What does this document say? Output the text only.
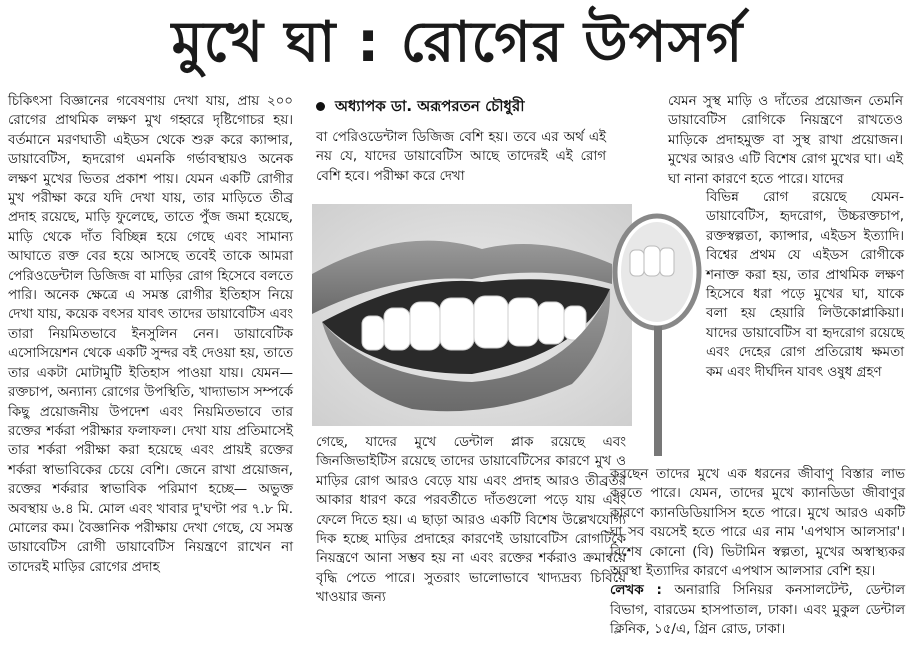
মুখে ঘা : রোগের উপসর্গ

চিকিৎসা বিজ্ঞানের গবেষণায় দেখা যায়, প্রায় ২০০ রোগের প্রাথমিক লক্ষণ মুখ গহ্বরে দৃষ্টিগোচর হয়। বর্তমানে মরণঘাতী এইডস থেকে শুরু করে ক্যান্সার, ডায়াবেটিস, হৃদরোগ এমনকি গর্ভাবস্থায়ও অনেক লক্ষণ মুখের ভিতর প্রকাশ পায়। যেমন একটি রোগীর মুখ পরীক্ষা করে যদি দেখা যায়, তার মাড়িতে তীব্র প্রদাহ রয়েছে, মাড়ি ফুলেছে, তাতে পুঁজ জমা হয়েছে, মাড়ি থেকে দাঁত বিচ্ছিন্ন হয়ে গেছে এবং সামান্য আঘাতে রক্ত বের হয়ে আসছে তবেই তাকে আমরা পেরিওডেন্টাল ডিজিজ বা মাড়ির রোগ হিসেবে বলতে পারি। অনেক ক্ষেত্রে এ সমস্ত রোগীর ইতিহাস নিয়ে দেখা যায়, কয়েক বৎসর যাবৎ তাদের ডায়াবেটিস এবং তারা নিয়মিতভাবে ইনসুলিন নেন। ডায়াবেটিক এসোসিয়েশন থেকে একটি সুন্দর বই দেওয়া হয়, তাতে তার একটা মোটামুটি ইতিহাস পাওয়া যায়। যেমন— রক্তচাপ, অন্যান্য রোগের উপস্থিতি, খাদ্যাভাস সম্পর্কে কিছু প্রয়োজনীয় উপদেশ এবং নিয়মিতভাবে তার রক্তের শর্করা পরীক্ষার ফলাফল। দেখা যায় প্রতিমাসেই তার শর্করা পরীক্ষা করা হয়েছে এবং প্রায়ই রক্তের শর্করা স্বাভাবিকের চেয়ে বেশি। জেনে রাখা প্রয়োজন, রক্তের শর্করার স্বাভাবিক পরিমাণ হচ্ছে— অভুক্ত অবস্থায় ৬.৪ মি. মোল এবং খাবার দু'ঘণ্টা পর ৭.৮ মি. মোলের কম। বৈজ্ঞানিক পরীক্ষায় দেখা গেছে, যে সমস্ত ডায়াবেটিস রোগী ডায়াবেটিস নিয়ন্ত্রণে রাখেন না তাদেরই মাড়ির রোগের প্রদাহ

অধ্যাপক ডা. অরূপরতন চৌধুরী

বা পেরিওডেন্টাল ডিজিজ বেশি হয়। তবে এর অর্থ এই নয় যে, যাদের ডায়াবেটিস আছে তাদেরই এই রোগ বেশি হবে। পরীক্ষা করে দেখা

গেছে, যাদের মুখে ডেন্টাল প্লাক রয়েছে এবং জিনজিভাইটিস রয়েছে তাদের ডায়াবেটিসের কারণে মুখ ও মাড়ির রোগ আরও বেড়ে যায় এবং প্রদাহ আরও তীব্রতর আকার ধারণ করে পরবর্তীতে দাঁতগুলো পড়ে যায় এবং ফেলে দিতে হয়। এ ছাড়া আরও একটি বিশেষ উল্লেখযোগ্য দিক হচ্ছে মাড়ির প্রদাহের কারণেই ডায়াবেটিস রোগটিকে নিয়ন্ত্রণে আনা সম্ভব হয় না এবং রক্তের শর্করাও ক্রমান্বয়ে বৃদ্ধি পেতে পারে। সুতরাং ভালোভাবে খাদ্যদ্রব্য চিবিয়ে খাওয়ার জন্য

যেমন সুস্থ মাড়ি ও দাঁতের প্রয়োজন তেমনি ডায়াবেটিস রোগিকে নিয়ন্ত্রণে রাখতেও মাড়িকে প্রদাহমুক্ত বা সুস্থ রাখা প্রয়োজন। মুখের আরও এটি বিশেষ রোগ মুখের ঘা। এই ঘা নানা কারণে হতে পারে। যাদের

বিভিন্ন রোগ রয়েছে যেমন- ডায়াবেটিস, হৃদরোগ, উচ্চরক্তচাপ, রক্তস্বল্পতা, ক্যান্সার, এইডস ইত্যাদি। বিশ্বের প্রথম যে এইডস রোগীকে শনাক্ত করা হয়, তার প্রাথমিক লক্ষণ হিসেবে ধরা পড়ে মুখের ঘা, যাকে বলা হয় হেয়ারি লিউকোপ্লাকিয়া। যাদের ডায়াবেটিস বা হৃদরোগ রয়েছে এবং দেহের রোগ প্রতিরোধ ক্ষমতা কম এবং দীর্ঘদিন যাবৎ ওষুধ গ্রহণ

করছেন তাদের মুখে এক ধরনের জীবাণু বিস্তার লাভ করতে পারে। যেমন, তাদের মুখে ক্যানডিডা জীবাণুর কারণে ক্যানডিডিয়াসিস হতে পারে। মুখে আরও একটি ঘা সব বয়সেই হতে পারে এর নাম 'এপথাস আলসার'। বিশেষ কোনো (বি) ভিটামিন স্বল্পতা, মুখের অস্বাস্থ্যকর অবস্থা ইত্যাদির কারণে এপথাস আলসার বেশি হয়।

লেখক : অনারারি সিনিয়র কনসালটেন্ট, ডেন্টাল বিভাগ, বারডেম হাসপাতাল, ঢাকা। এবং মুকুল ডেন্টাল ক্লিনিক, ১৫/এ, গ্রিন রোড, ঢাকা।
